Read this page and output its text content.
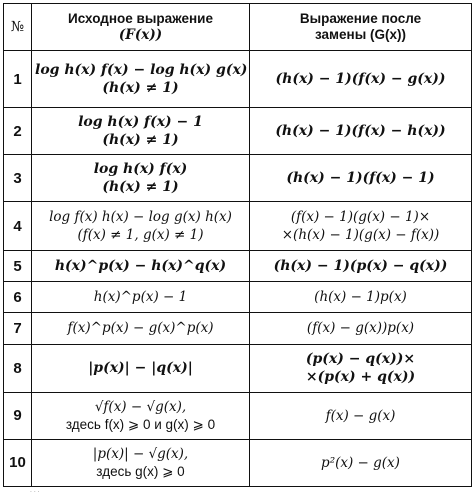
№	Исходное выражение
(F(x))	Выражение после
замены (G(x))

1	log h(x) f(x) − log h(x) g(x)
(h(x) ≠ 1)	(h(x) − 1)(f(x) − g(x))

2	log h(x) f(x) − 1
(h(x) ≠ 1)	(h(x) − 1)(f(x) − h(x))

3	log h(x) f(x)
(h(x) ≠ 1)	(h(x) − 1)(f(x) − 1)

4	log f(x) h(x) − log g(x) h(x)
(f(x) ≠ 1, g(x) ≠ 1)	(f(x) − 1)(g(x) − 1)×
×(h(x) − 1)(g(x) − f(x))

5	h(x)^p(x) − h(x)^q(x)	(h(x) − 1)(p(x) − q(x))

6	h(x)^p(x) − 1	(h(x) − 1)p(x)

7	f(x)^p(x) − g(x)^p(x)	(f(x) − g(x))p(x)

8	|p(x)| − |q(x)|	(p(x) − q(x))×
×(p(x) + q(x))

9	√f(x) − √g(x),
здесь f(x) ⩾ 0 и g(x) ⩾ 0	f(x) − g(x)

10	|p(x)| − √g(x),
здесь g(x) ⩾ 0	p²(x) − g(x)
· · ·
